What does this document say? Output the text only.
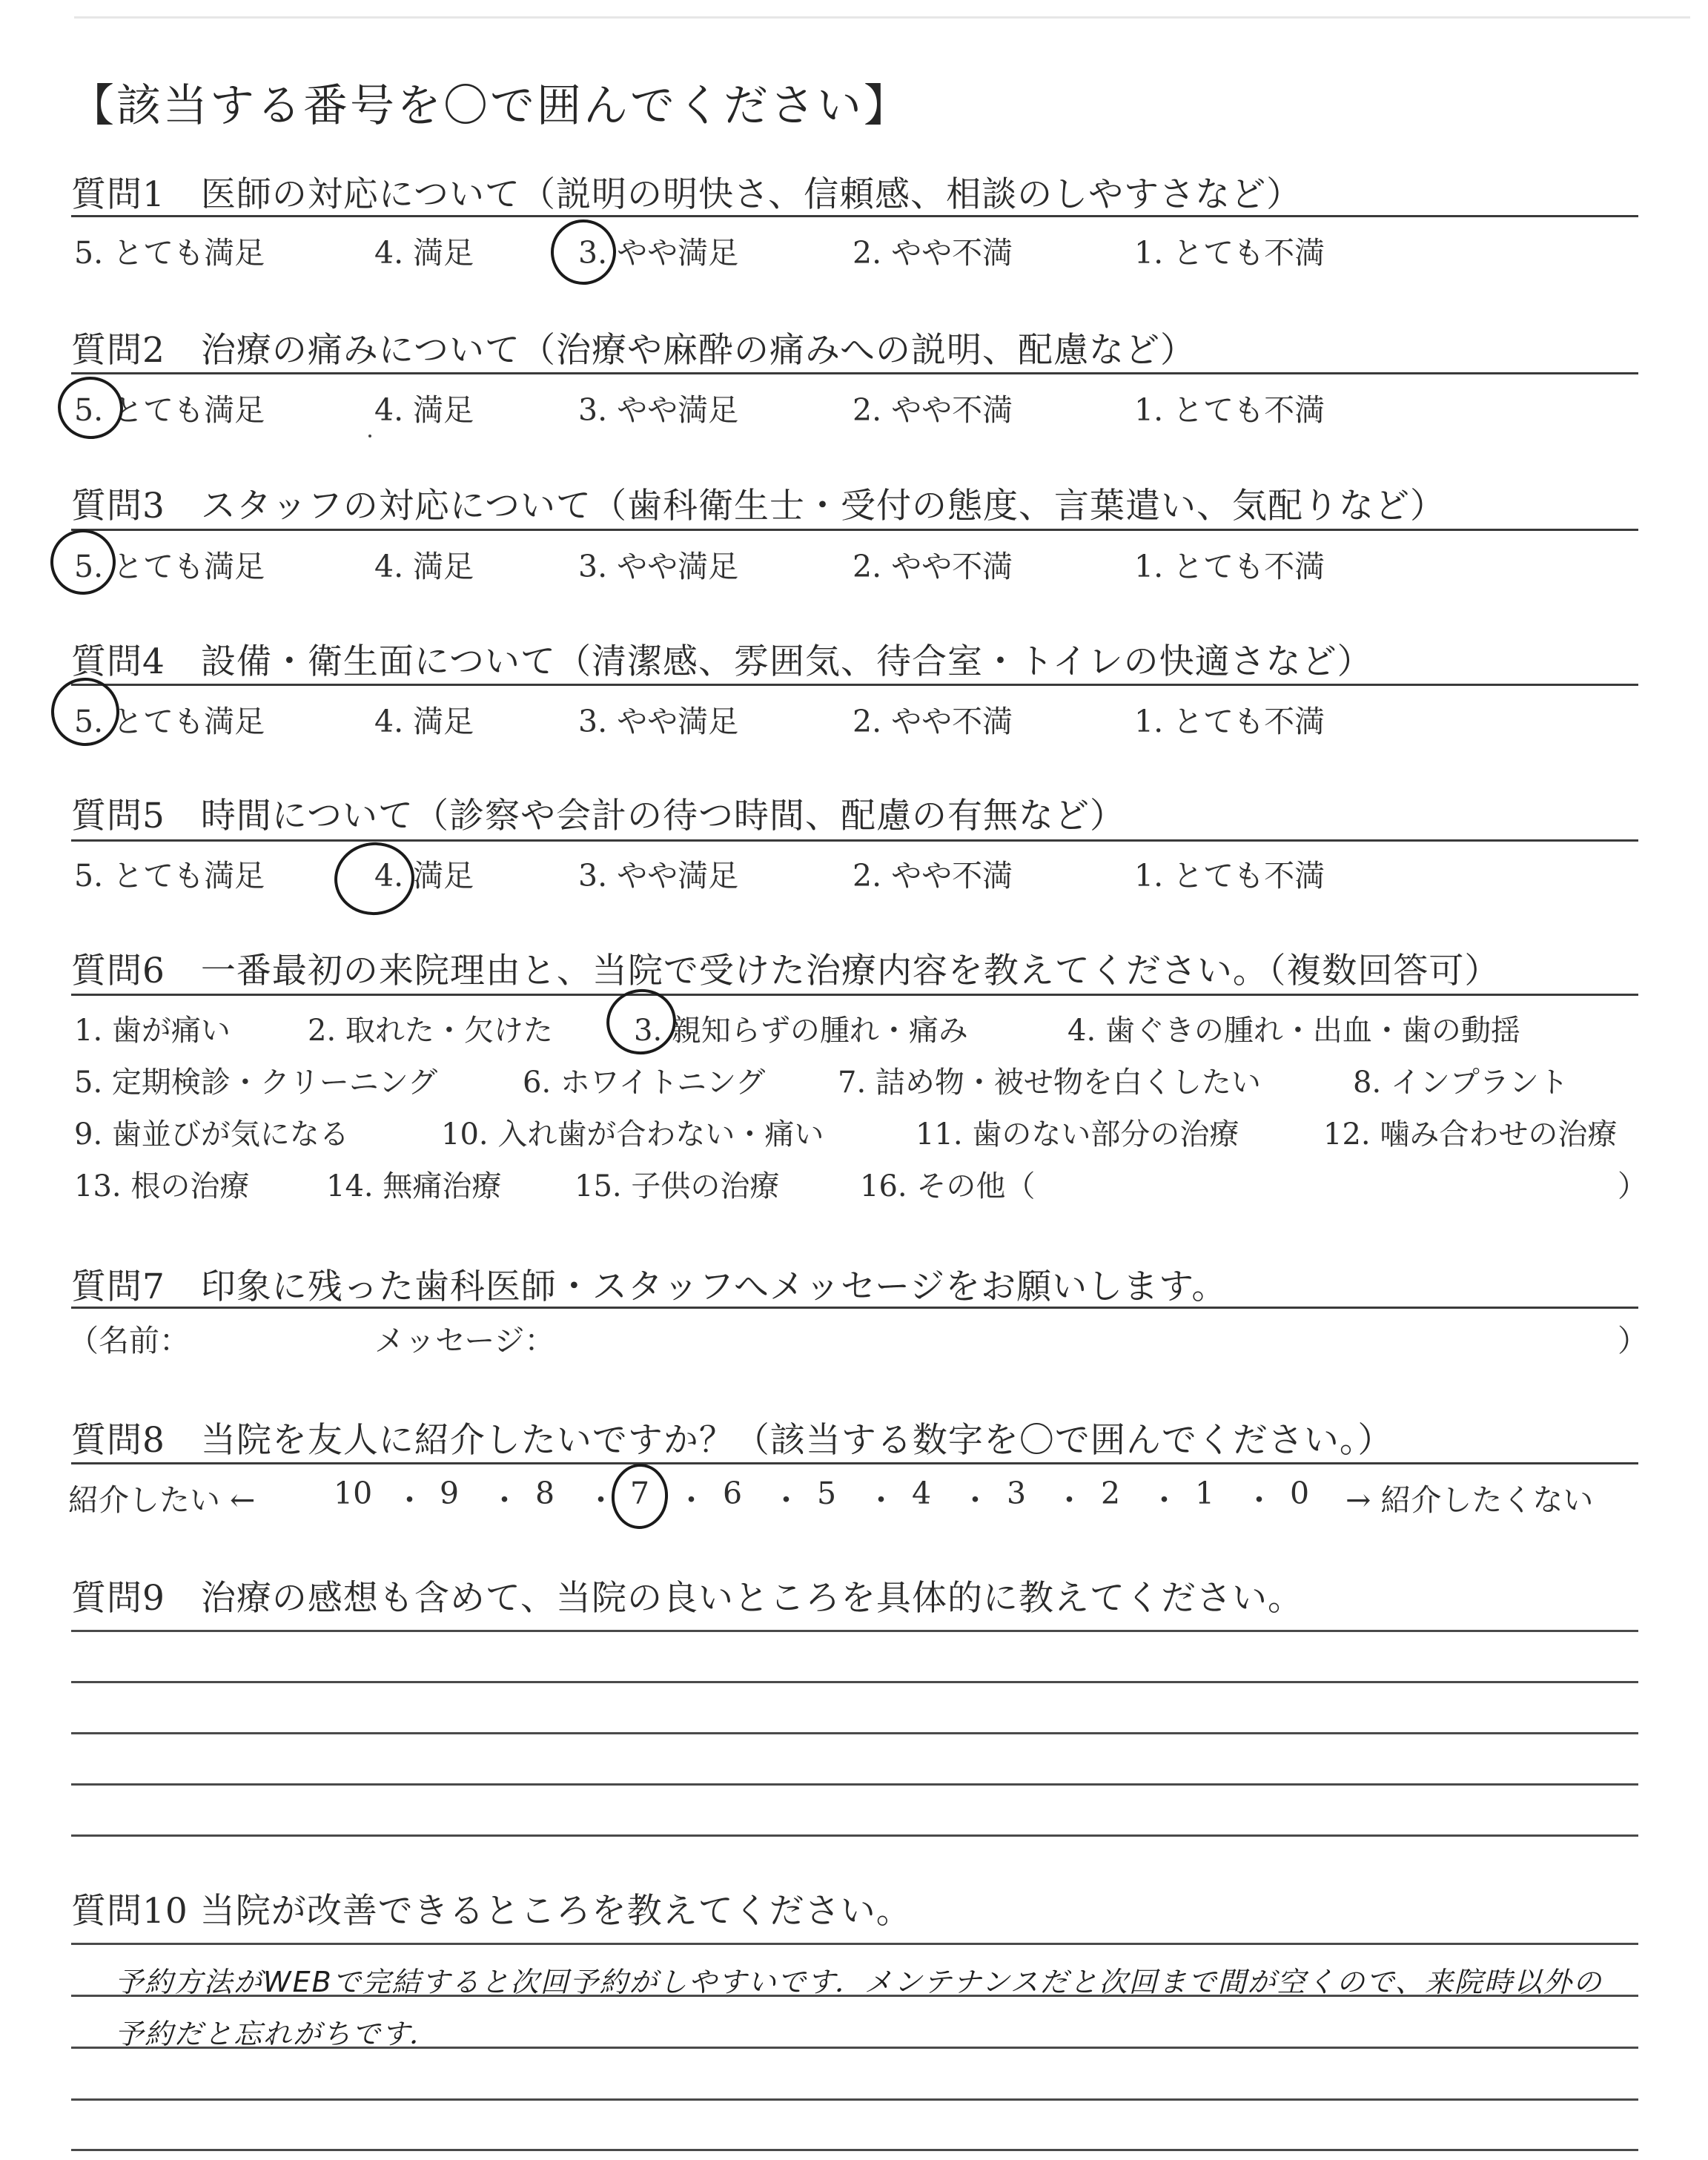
【該当する番号を〇で囲んでください】
質問1　医師の対応について（説明の明快さ、信頼感、相談のしやすさなど）
5. とても満足	4. 満足	3. やや満足	2. やや不満	1. とても不満
質問2　治療の痛みについて（治療や麻酔の痛みへの説明、配慮など）
5. とても満足	4. 満足	3. やや満足	2. やや不満	1. とても不満
質問3　スタッフの対応について（歯科衛生士・受付の態度、言葉遣い、気配りなど）
5. とても満足	4. 満足	3. やや満足	2. やや不満	1. とても不満
質問4　設備・衛生面について（清潔感、雰囲気、待合室・トイレの快適さなど）
5. とても満足	4. 満足	3. やや満足	2. やや不満	1. とても不満
質問5　時間について（診察や会計の待つ時間、配慮の有無など）
5. とても満足	4. 満足	3. やや満足	2. やや不満	1. とても不満
質問6　一番最初の来院理由と、当院で受けた治療内容を教えてください。（複数回答可）
1. 歯が痛い	2. 取れた・欠けた	3. 親知らずの腫れ・痛み	4. 歯ぐきの腫れ・出血・歯の動揺
5. 定期検診・クリーニング	6. ホワイトニング 7. 詰め物・被せ物を白くしたい	8. インプラント
9. 歯並びが気になる	10. 入れ歯が合わない・痛い	11. 歯のない部分の治療	12. 噛み合わせの治療
13. 根の治療	14. 無痛治療 15. 子供の治療	16. その他（	）
質問7　印象に残った歯科医師・スタッフへメッセージをお願いします。
（名前：	メッセージ：	）
質問8　当院を友人に紹介したいですか？（該当する数字を〇で囲んでください。）
紹介したい ←	10 ・ 9 ・ 8 ・ 7 ・ 6 ・ 5 ・ 4 ・ 3 ・ 2 ・ 1 ・ 0 → 紹介したくない
質問9　治療の感想も含めて、当院の良いところを具体的に教えてください。
質問10 当院が改善できるところを教えてください。
予約方法がWEBで完結すると次回予約がしやすいです．メンテナンスだと次回まで間が空くので、来院時以外の
予約だと忘れがちです．
